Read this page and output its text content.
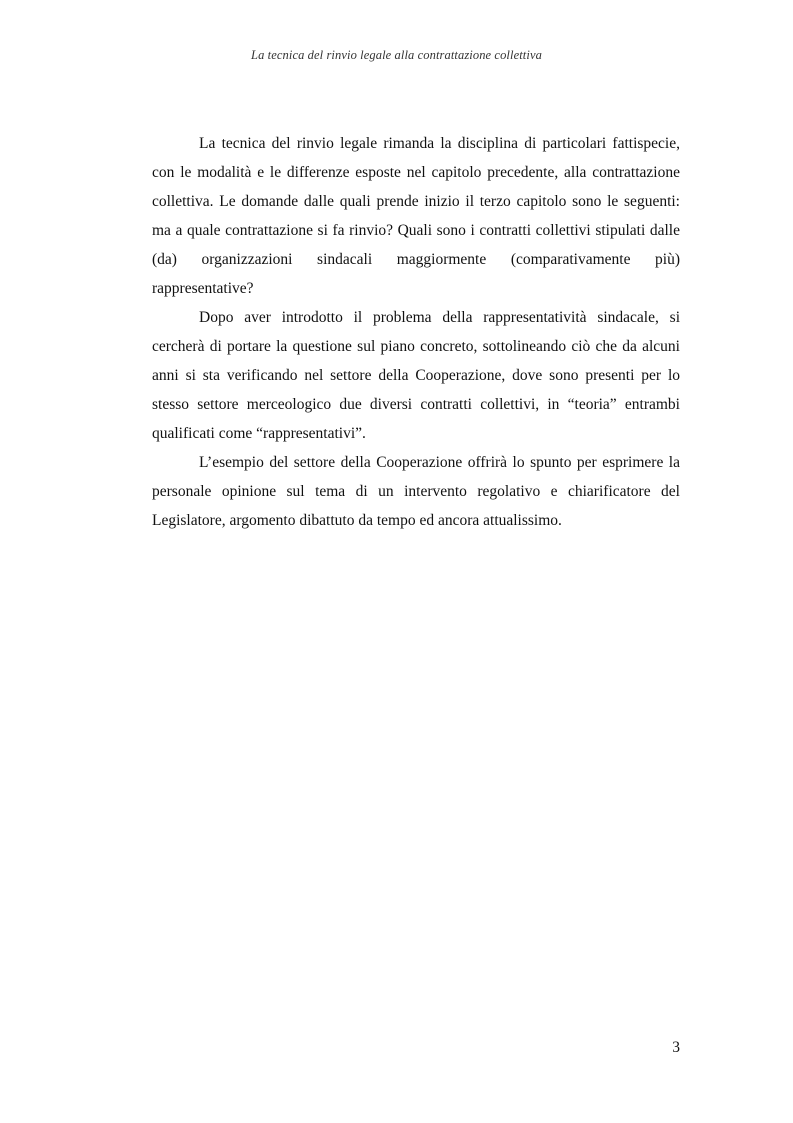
La tecnica del rinvio legale alla contrattazione collettiva

La tecnica del rinvio legale rimanda la disciplina di particolari fattispecie, con le modalità e le differenze esposte nel capitolo precedente, alla contrattazione collettiva. Le domande dalle quali prende inizio il terzo capitolo sono le seguenti: ma a quale contrattazione si fa rinvio? Quali sono i contratti collettivi stipulati dalle (da) organizzazioni sindacali maggiormente (comparativamente più) rappresentative?

Dopo aver introdotto il problema della rappresentatività sindacale, si cercherà di portare la questione sul piano concreto, sottolineando ciò che da alcuni anni si sta verificando nel settore della Cooperazione, dove sono presenti per lo stesso settore merceologico due diversi contratti collettivi, in “teoria” entrambi qualificati come “rappresentativi”.

L’esempio del settore della Cooperazione offrirà lo spunto per esprimere la personale opinione sul tema di un intervento regolativo e chiarificatore del Legislatore, argomento dibattuto da tempo ed ancora attualissimo.

3
